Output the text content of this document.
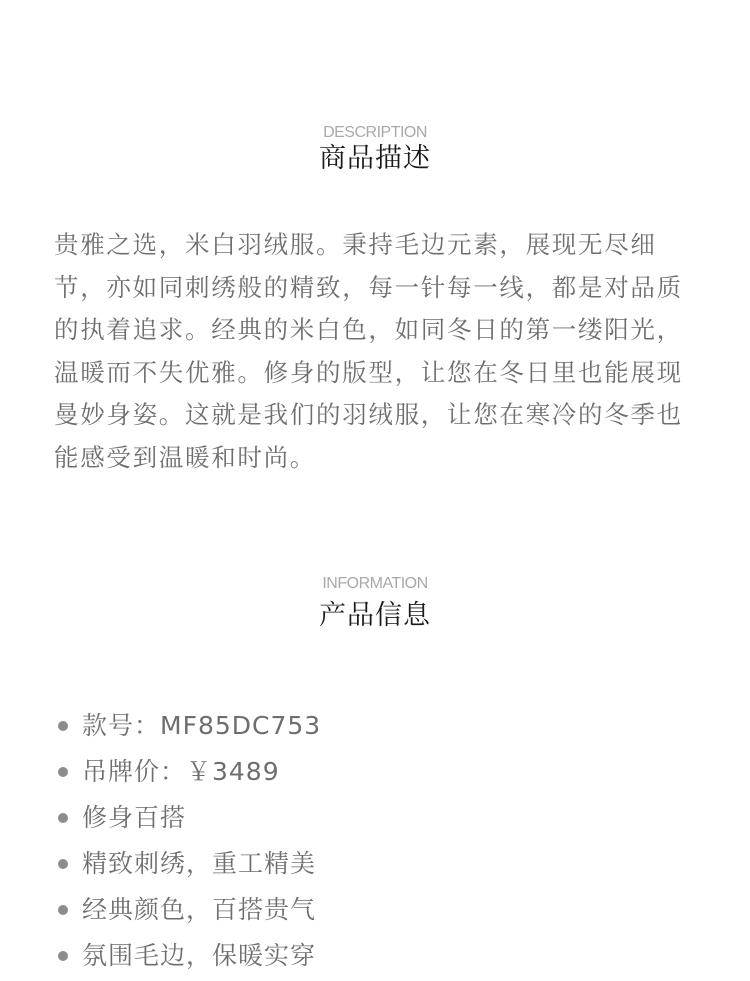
DESCRIPTION
商品描述

贵雅之选，米白羽绒服。秉持毛边元素，展现无尽细节，亦如同刺绣般的精致，每一针每一线，都是对品质的执着追求。经典的米白色，如同冬日的第一缕阳光，温暖而不失优雅。修身的版型，让您在冬日里也能展现曼妙身姿。这就是我们的羽绒服，让您在寒冷的冬季也能感受到温暖和时尚。

INFORMATION
产品信息
款号：MF85DC753
吊牌价：￥3489
修身百搭
精致刺绣，重工精美
经典颜色，百搭贵气
氛围毛边，保暖实穿
